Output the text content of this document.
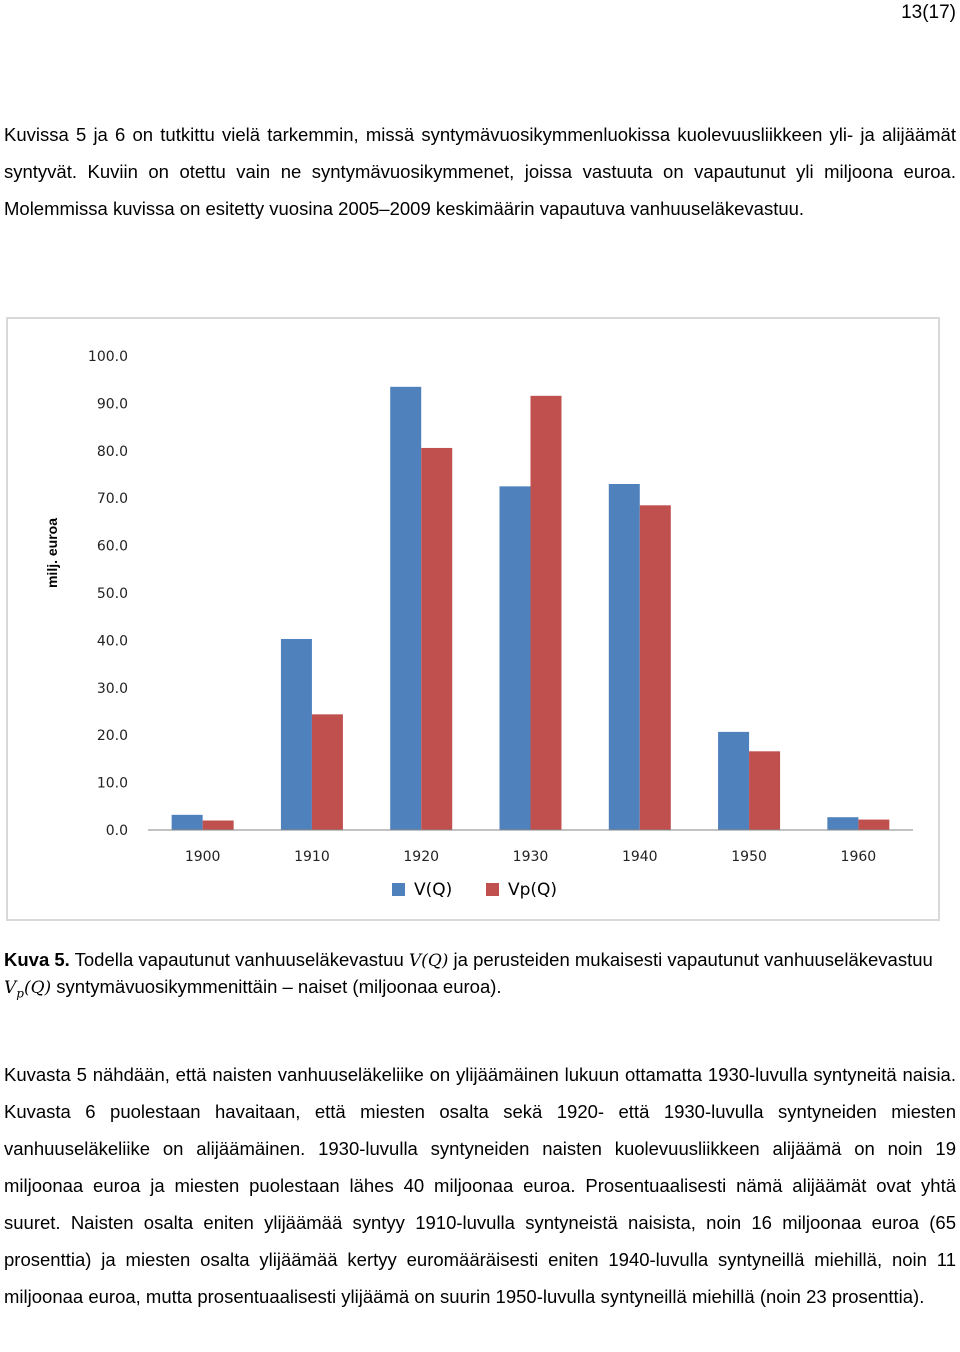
13(17)

Kuvissa 5 ja 6 on tutkittu vielä tarkemmin, missä syntymävuosikymmenluokissa kuolevuusliikkeen yli- ja alijäämät syntyvät. Kuviin on otettu vain ne syntymävuosikymmenet, joissa vastuuta on vapautunut yli miljoona euroa. Molemmissa kuvissa on esitetty vuosina 2005–2009 keskimäärin vapautuva vanhuuseläkevastuu.

0.0
10.0
20.0
30.0
40.0
50.0
60.0
70.0
80.0
90.0
100.0
milj. euroa
1900	1910	1920	1930	1940	1950	1960
V(Q)	Vp(Q)
Kuva 5. Todella vapautunut vanhuuseläkevastuu V(Q) ja perusteiden mukaisesti vapautunut vanhuuseläkevastuu $V_p(Q)$ syntymävuosikymmenittäin – naiset (miljoonaa euroa).

Kuvasta 5 nähdään, että naisten vanhuuseläkeliike on ylijäämäinen lukuun ottamatta 1930-luvulla syntyneitä naisia. Kuvasta 6 puolestaan havaitaan, että miesten osalta sekä 1920- että 1930-luvulla syntyneiden miesten vanhuuseläkeliike on alijäämäinen. 1930-luvulla syntyneiden naisten kuolevuusliikkeen alijäämä on noin 19 miljoonaa euroa ja miesten puolestaan lähes 40 miljoonaa euroa. Prosentuaalisesti nämä alijäämät ovat yhtä suuret. Naisten osalta eniten ylijäämää syntyy 1910-luvulla syntyneistä naisista, noin 16 miljoonaa euroa (65 prosenttia) ja miesten osalta ylijäämää kertyy euromääräisesti eniten 1940-luvulla syntyneillä miehillä, noin 11 miljoonaa euroa, mutta prosentuaalisesti ylijäämä on suurin 1950-luvulla syntyneillä miehillä (noin 23 prosenttia).
